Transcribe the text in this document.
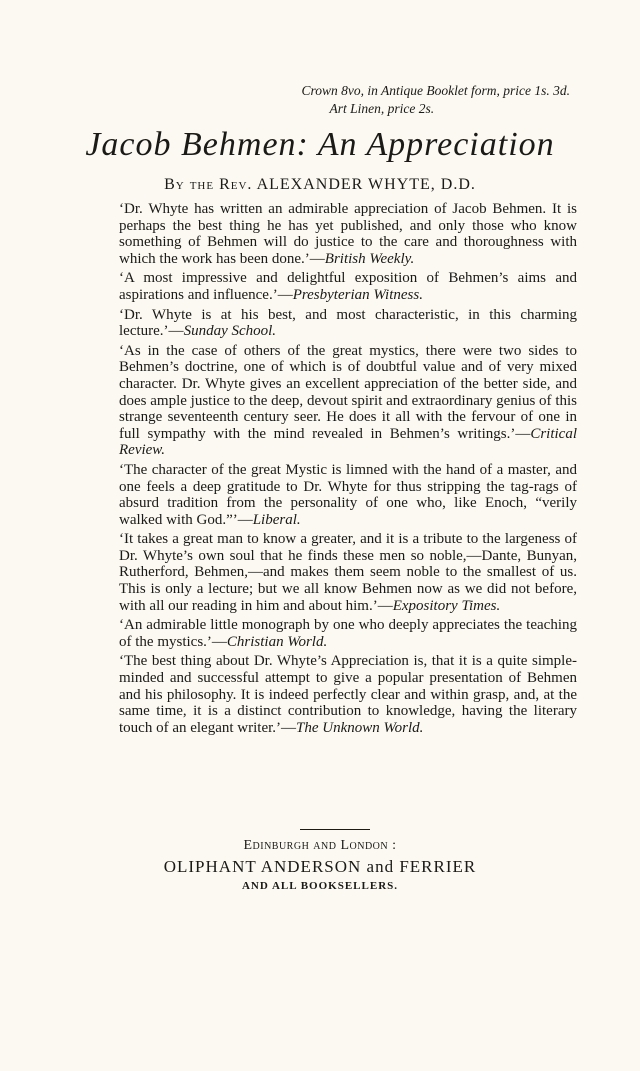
Crown 8vo, in Antique Booklet form, price 1s. 3d.
Art Linen, price 2s.
Jacob Behmen: An Appreciation
By the Rev. ALEXANDER WHYTE, D.D.

‘Dr. Whyte has written an admirable appreciation of Jacob Behmen. It is perhaps the best thing he has yet published, and only those who know something of Behmen will do justice to the care and thoroughness with which the work has been done.’—British Weekly.

‘A most impressive and delightful exposition of Behmen’s aims and aspirations and influence.’—Presbyterian Witness.

‘Dr. Whyte is at his best, and most characteristic, in this charming lecture.’—Sunday School.

‘As in the case of others of the great mystics, there were two sides to Behmen’s doctrine, one of which is of doubtful value and of very mixed character. Dr. Whyte gives an excellent appreciation of the better side, and does ample justice to the deep, devout spirit and extraordinary genius of this strange seventeenth century seer. He does it all with the fervour of one in full sympathy with the mind revealed in Behmen’s writings.’—Critical Review.

‘The character of the great Mystic is limned with the hand of a master, and one feels a deep gratitude to Dr. Whyte for thus stripping the tag-rags of absurd tradition from the personality of one who, like Enoch, “verily walked with God.”’—Liberal.

‘It takes a great man to know a greater, and it is a tribute to the largeness of Dr. Whyte’s own soul that he finds these men so noble,—Dante, Bunyan, Rutherford, Behmen,—and makes them seem noble to the smallest of us. This is only a lecture; but we all know Behmen now as we did not before, with all our reading in him and about him.’—Expository Times.

‘An admirable little monograph by one who deeply appreciates the teaching of the mystics.’—Christian World.

‘The best thing about Dr. Whyte’s Appreciation is, that it is a quite simple-minded and successful attempt to give a popular presentation of Behmen and his philosophy. It is indeed perfectly clear and within grasp, and, at the same time, it is a distinct contribution to knowledge, having the literary touch of an elegant writer.’—The Unknown World.

Edinburgh and London :
OLIPHANT ANDERSON and FERRIER
AND ALL BOOKSELLERS.
